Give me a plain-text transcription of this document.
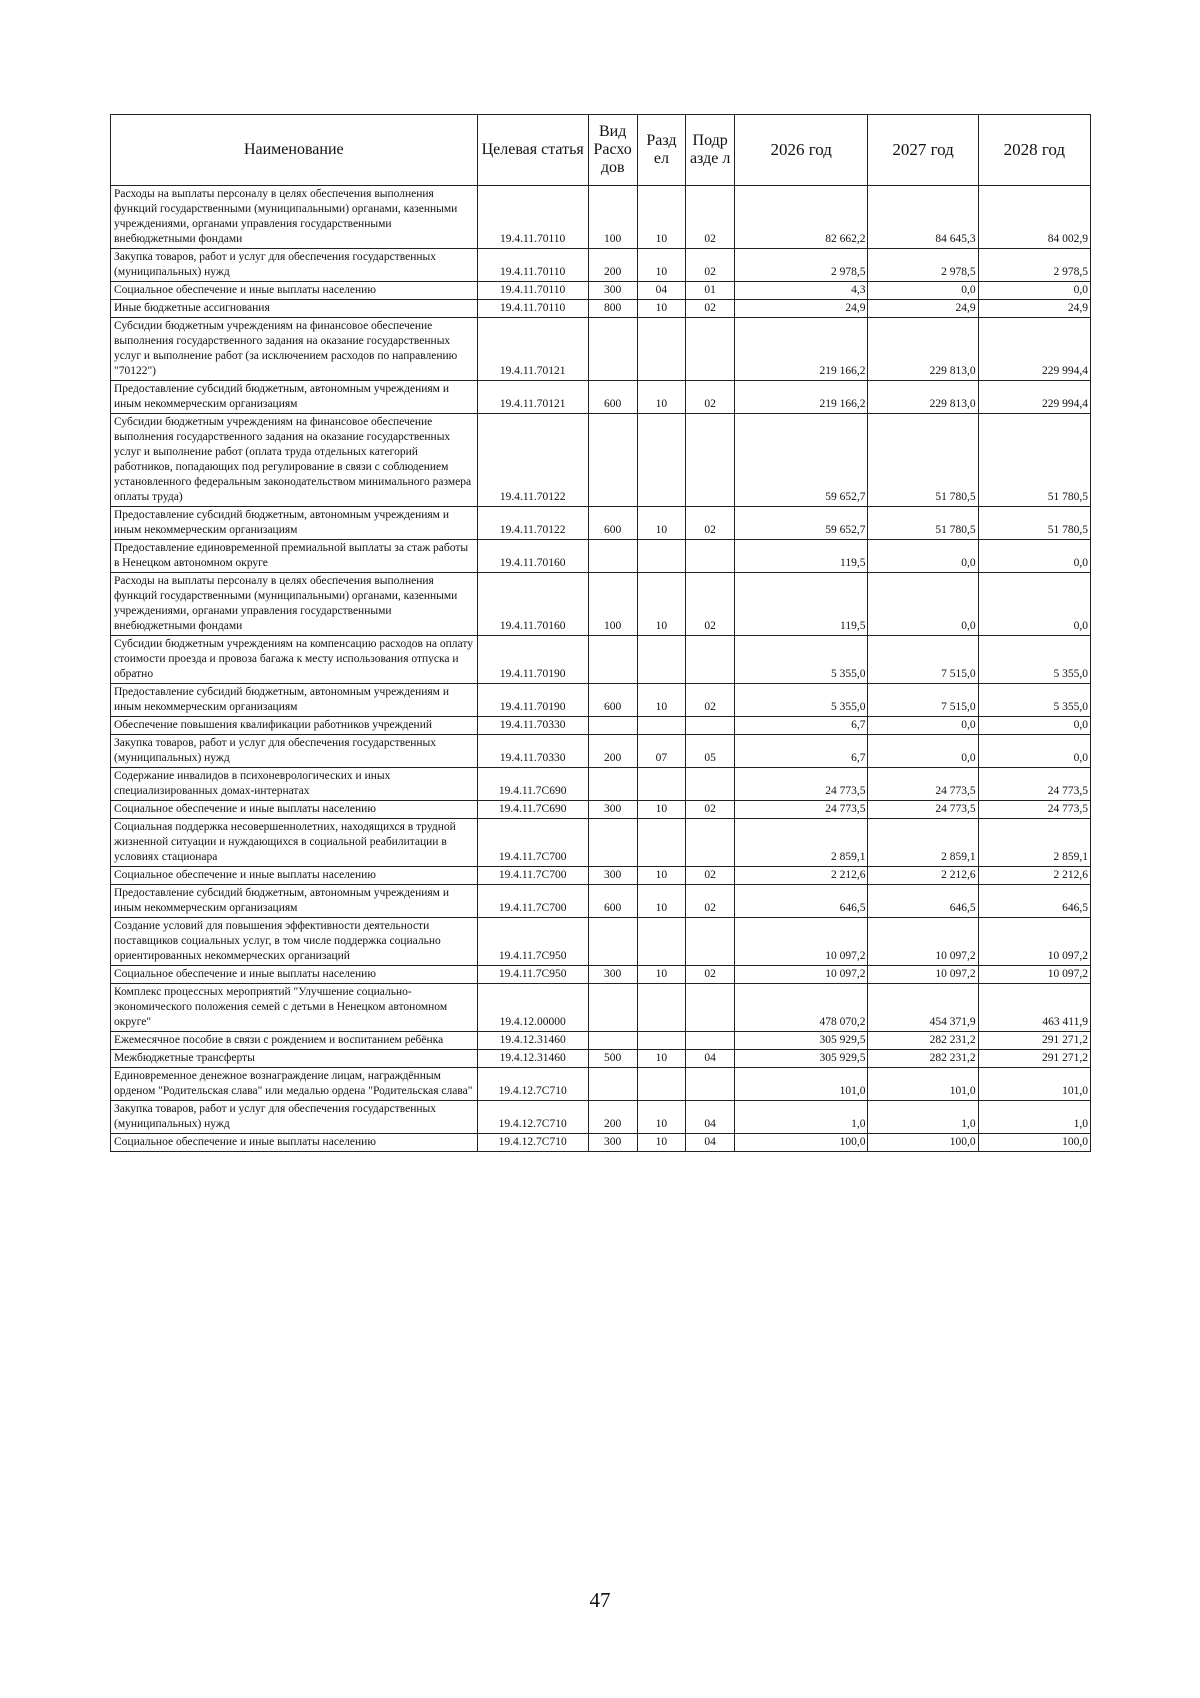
Наименование	Целевая статья	Вид Расхо дов	Разд ел	Подр азде л	2026 год	2027 год	2028 год
Расходы на выплаты персоналу в целях обеспечения выполнения функций государственными (муниципальными) органами, казенными учреждениями, органами управления государственными внебюджетными фондами	19.4.11.70110	100	10	02	82 662,2	84 645,3	84 002,9
Закупка товаров, работ и услуг для обеспечения государственных (муниципальных) нужд	19.4.11.70110	200	10	02	2 978,5	2 978,5	2 978,5
Социальное обеспечение и иные выплаты населению	19.4.11.70110	300	04	01	4,3	0,0	0,0
Иные бюджетные ассигнования	19.4.11.70110	800	10	02	24,9	24,9	24,9
Субсидии бюджетным учреждениям на финансовое обеспечение выполнения государственного задания на оказание государственных услуг и выполнение работ (за исключением расходов по направлению "70122")	19.4.11.70121				219 166,2	229 813,0	229 994,4
Предоставление субсидий бюджетным, автономным учреждениям и иным некоммерческим организациям	19.4.11.70121	600	10	02	219 166,2	229 813,0	229 994,4
Субсидии бюджетным учреждениям на финансовое обеспечение выполнения государственного задания на оказание государственных услуг и выполнение работ (оплата труда отдельных категорий работников, попадающих под регулирование в связи с соблюдением установленного федеральным законодательством минимального размера оплаты труда)	19.4.11.70122				59 652,7	51 780,5	51 780,5
Предоставление субсидий бюджетным, автономным учреждениям и иным некоммерческим организациям	19.4.11.70122	600	10	02	59 652,7	51 780,5	51 780,5
Предоставление единовременной премиальной выплаты за стаж работы в Ненецком автономном округе	19.4.11.70160				119,5	0,0	0,0
Расходы на выплаты персоналу в целях обеспечения выполнения функций государственными (муниципальными) органами, казенными учреждениями, органами управления государственными внебюджетными фондами	19.4.11.70160	100	10	02	119,5	0,0	0,0
Субсидии бюджетным учреждениям на компенсацию расходов на оплату стоимости проезда и провоза багажа к месту использования отпуска и обратно	19.4.11.70190				5 355,0	7 515,0	5 355,0
Предоставление субсидий бюджетным, автономным учреждениям и иным некоммерческим организациям	19.4.11.70190	600	10	02	5 355,0	7 515,0	5 355,0
Обеспечение повышения квалификации работников учреждений	19.4.11.70330				6,7	0,0	0,0
Закупка товаров, работ и услуг для обеспечения государственных (муниципальных) нужд	19.4.11.70330	200	07	05	6,7	0,0	0,0
Содержание инвалидов в психоневрологических и иных специализированных домах-интернатах	19.4.11.7С690				24 773,5	24 773,5	24 773,5
Социальное обеспечение и иные выплаты населению	19.4.11.7С690	300	10	02	24 773,5	24 773,5	24 773,5
Социальная поддержка несовершеннолетних, находящихся в трудной жизненной ситуации и нуждающихся в социальной реабилитации в условиях стационара	19.4.11.7С700				2 859,1	2 859,1	2 859,1
Социальное обеспечение и иные выплаты населению	19.4.11.7С700	300	10	02	2 212,6	2 212,6	2 212,6
Предоставление субсидий бюджетным, автономным учреждениям и иным некоммерческим организациям	19.4.11.7С700	600	10	02	646,5	646,5	646,5
Создание условий для повышения эффективности деятельности поставщиков социальных услуг, в том числе поддержка социально ориентированных некоммерческих организаций	19.4.11.7С950				10 097,2	10 097,2	10 097,2
Социальное обеспечение и иные выплаты населению	19.4.11.7С950	300	10	02	10 097,2	10 097,2	10 097,2
Комплекс процессных мероприятий "Улучшение социально-экономического положения семей с детьми в Ненецком автономном округе"	19.4.12.00000				478 070,2	454 371,9	463 411,9
Ежемесячное пособие в связи с рождением и воспитанием ребёнка	19.4.12.31460				305 929,5	282 231,2	291 271,2
Межбюджетные трансферты	19.4.12.31460	500	10	04	305 929,5	282 231,2	291 271,2
Единовременное денежное вознаграждение лицам, награждённым орденом "Родительская слава" или медалью ордена "Родительская слава"	19.4.12.7С710				101,0	101,0	101,0
Закупка товаров, работ и услуг для обеспечения государственных (муниципальных) нужд	19.4.12.7С710	200	10	04	1,0	1,0	1,0
Социальное обеспечение и иные выплаты населению	19.4.12.7С710	300	10	04	100,0	100,0	100,0
47
